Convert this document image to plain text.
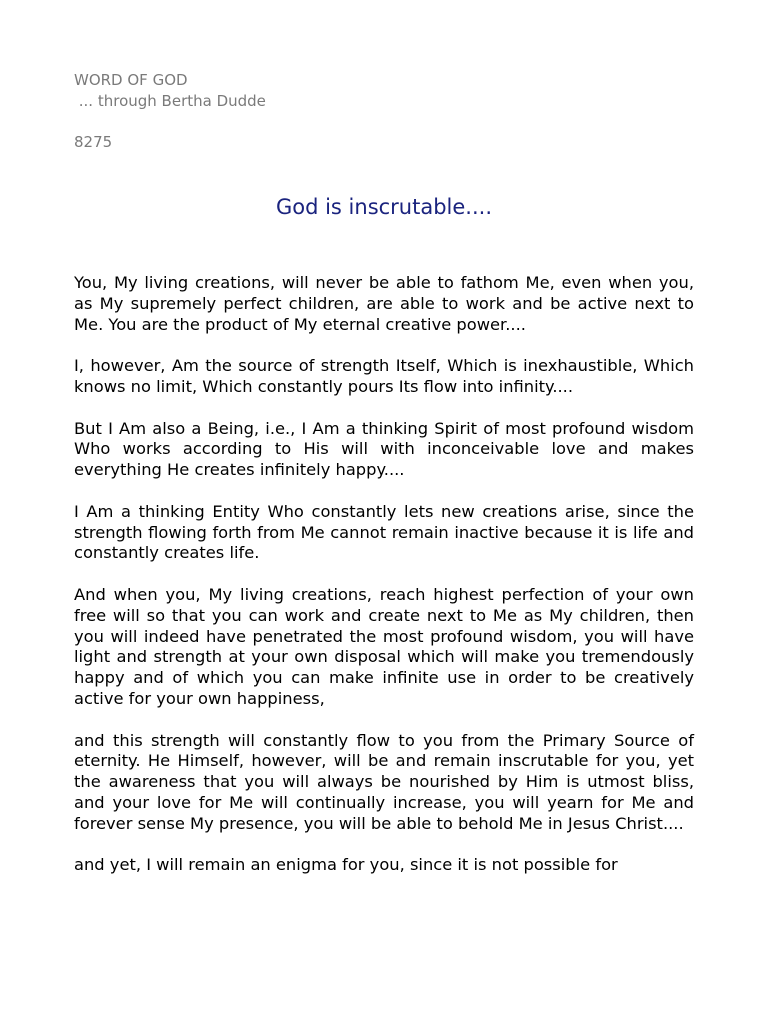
WORD OF GOD
... through Bertha Dudde
8275
God is inscrutable....

You, My living creations, will never be able to fathom Me, even when you, as My supremely perfect children, are able to work and be active next to Me. You are the product of My eternal creative power....

I, however, Am the source of strength Itself, Which is inexhaustible, Which knows no limit, Which constantly pours Its flow into infinity....

But I Am also a Being, i.e., I Am a thinking Spirit of most profound wisdom Who works according to His will with inconceivable love and makes everything He creates infinitely happy....

I Am a thinking Entity Who constantly lets new creations arise, since the strength flowing forth from Me cannot remain inactive because it is life and constantly creates life.

And when you, My living creations, reach highest perfection of your own free will so that you can work and create next to Me as My children, then you will indeed have penetrated the most profound wisdom, you will have light and strength at your own disposal which will make you tremendously happy and of which you can make infinite use in order to be creatively active for your own happiness,

and this strength will constantly flow to you from the Primary Source of eternity. He Himself, however, will be and remain inscrutable for you, yet the awareness that you will always be nourished by Him is utmost bliss, and your love for Me will continually increase, you will yearn for Me and forever sense My presence, you will be able to behold Me in Jesus Christ....

and yet, I will remain an enigma for you, since it is not possible for
